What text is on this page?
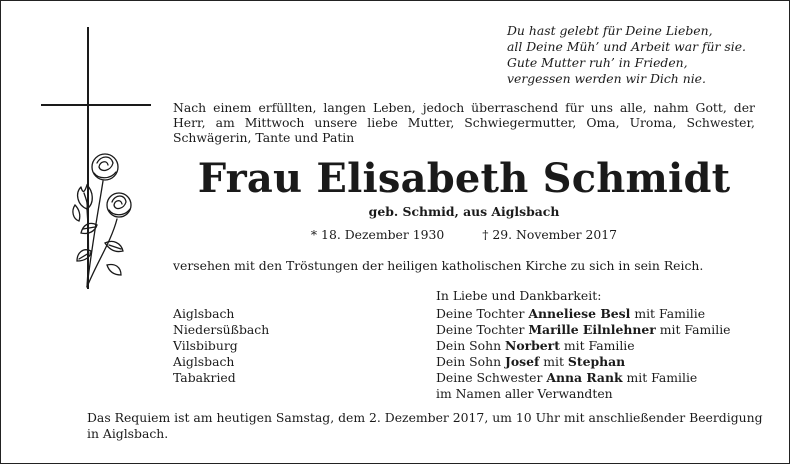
Du hast gelebt für Deine Lieben,
all Deine Müh’ und Arbeit war für sie.
Gute Mutter ruh’ in Frieden,
vergessen werden wir Dich nie.
Nach einem erfüllten, langen Leben, jedoch überraschend für uns alle, nahm Gott, der
Herr, am Mittwoch unsere liebe Mutter, Schwiegermutter, Oma, Uroma, Schwester,
Schwägerin, Tante und Patin
Frau Elisabeth Schmidt
geb. Schmid, aus Aiglsbach
* 18. Dezember 1930	† 29. November 2017
versehen mit den Tröstungen der heiligen katholischen Kirche zu sich in sein Reich.
In Liebe und Dankbarkeit:
Aiglsbach
Niedersüßbach
Vilsbiburg
Aiglsbach
Tabakried
Deine Tochter Anneliese Besl mit Familie
Deine Tochter Marille Eilnlehner mit Familie
Dein Sohn Norbert mit Familie
Dein Sohn Josef mit Stephan
Deine Schwester Anna Rank mit Familie
im Namen aller Verwandten
Das Requiem ist am heutigen Samstag, dem 2. Dezember 2017, um 10 Uhr mit anschließender Beerdigung
in Aiglsbach.
